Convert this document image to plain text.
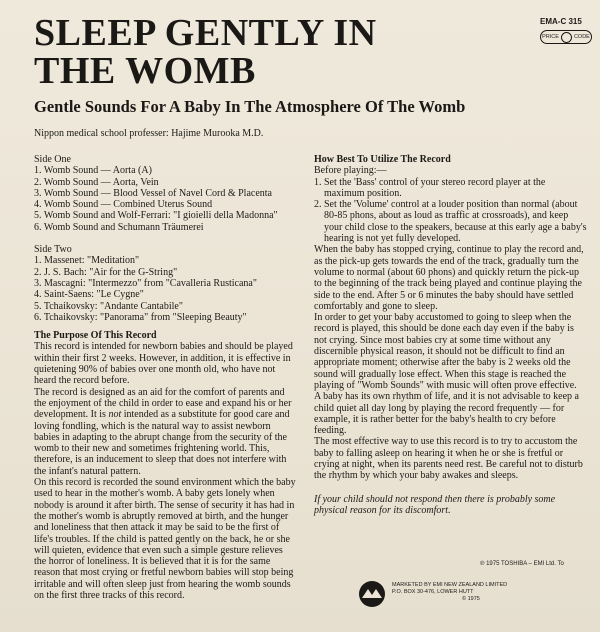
SLEEP GENTLY IN
THE WOMB
Gentle Sounds For A Baby In The Atmosphere Of The Womb
Nippon medical school professer: Hajime Murooka M.D.
EMA-C 315
PRICE	CODE
Side One
1. Womb Sound — Aorta (A)
2. Womb Sound — Aorta, Vein
3. Womb Sound — Blood Vessel of Navel Cord & Placenta
4. Womb Sound — Combined Uterus Sound
5. Womb Sound and Wolf-Ferrari: "I gioielli della Madonna"
6. Womb Sound and Schumann Träumerei
Side Two
1. Massenet: "Meditation"
2. J. S. Bach: "Air for the G-String"
3. Mascagni: "Intermezzo" from "Cavalleria Rusticana"
4. Saint-Saens: "Le Cygne"
5. Tchaikovsky: "Andante Cantabile"
6. Tchaikovsky: "Panorama" from "Sleeping Beauty"
The Purpose Of This Record

This record is intended for newborn babies and should be played within their first 2 weeks. However, in addition, it is effective in quietening 90% of babies over one month old, who have not heard the record before.

The record is designed as an aid for the comfort of parents and the enjoyment of the child in order to ease and expand his or her development. It is not intended as a substitute for good care and loving fondling, which is the natural way to assist newborn babies in adapting to the abrupt change from the security of the womb to their new and sometimes frightening world. This, therefore, is an inducement to sleep that does not interfere with the infant's natural pattern.

On this record is recorded the sound environment which the baby used to hear in the mother's womb. A baby gets lonely when nobody is around it after birth. The sense of security it has had in the mother's womb is abruptly removed at birth, and the hunger and loneliness that then attack it may be said to be the first of life's troubles. If the child is patted gently on the back, he or she will quieten, evidence that even such a simple gesture relieves the horror of loneliness. It is believed that it is for the same reason that most crying or fretful newborn babies will stop being irritable and will often sleep just from hearing the womb sounds on the first three tracks of this record.

How Best To Utilize The Record
Before playing:—
1. Set the 'Bass' control of your stereo record player at the maximum position.
2. Set the 'Volume' control at a louder position than normal (about 80-85 phons, about as loud as traffic at crossroads), and keep your child close to the speakers, because at this early age a baby's hearing is not yet fully developed.

When the baby has stopped crying, continue to play the record and, as the pick-up gets towards the end of the track, gradually turn the volume to normal (about 60 phons) and quickly return the pick-up to the beginning of the track being played and continue playing the side to the end. After 5 or 6 minutes the baby should have settled comfortably and gone to sleep.

In order to get your baby accustomed to going to sleep when the record is played, this should be done each day even if the baby is not crying. Since most babies cry at some time without any discernible physical reason, it should not be difficult to find an appropriate moment; otherwise after the baby is 2 weeks old the sound will gradually lose effect. When this stage is reached the playing of "Womb Sounds" with music will often prove effective.

A baby has its own rhythm of life, and it is not advisable to keep a child quiet all day long by playing the record frequently — for example, it is rather better for the baby's health to cry before feeding.

The most effective way to use this record is to try to accustom the baby to falling asleep on hearing it when he or she is fretful or crying at night, when its parents need rest. Be careful not to disturb the rhythm by which your baby awakes and sleeps.

If your child should not respond then there is probably some physical reason for its discomfort.

℗ 1975 TOSHIBA – EMI Ltd. To
MARKETED BY EMI NEW ZEALAND LIMITED
P.O. BOX 30-476, LOWER HUTT
© 1975
